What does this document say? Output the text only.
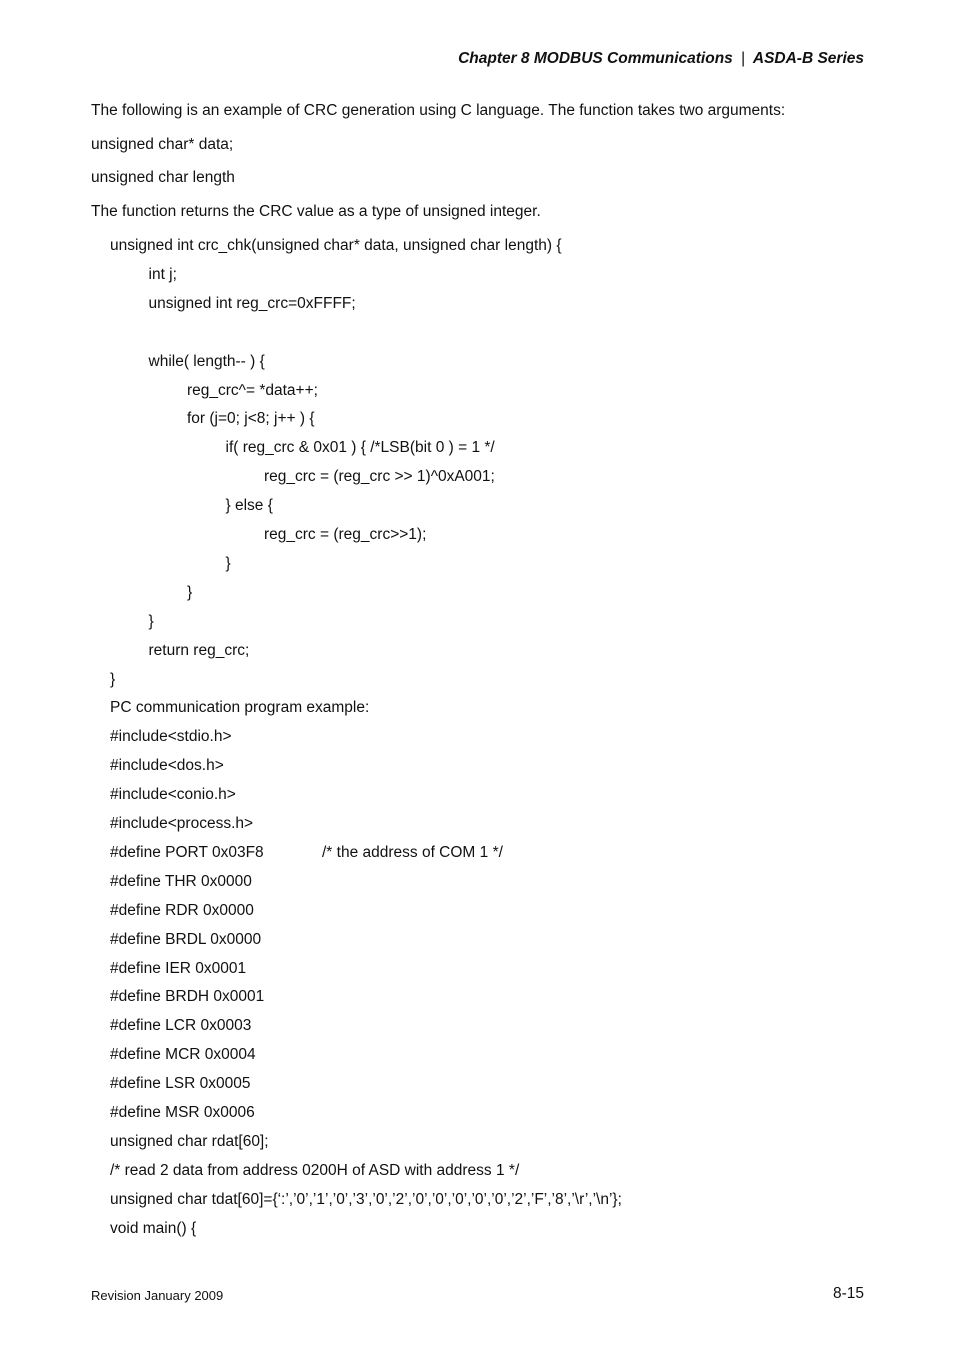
Chapter 8 MODBUS Communications | ASDA-B Series
The following is an example of CRC generation using C language. The function takes two arguments:
unsigned char* data;
unsigned char length
The function returns the CRC value as a type of unsigned integer.
unsigned int crc_chk(unsigned char* data, unsigned char length) {
int j;
unsigned int reg_crc=0xFFFF;
while( length-- ) {
reg_crc^= *data++;
for (j=0; j<8; j++ ) {
if( reg_crc & 0x01 ) { /*LSB(bit 0 ) = 1 */
reg_crc = (reg_crc >> 1)^0xA001;
} else {
reg_crc = (reg_crc>>1);
}
}
}
return reg_crc;
}
PC communication program example:
#include<stdio.h>
#include<dos.h>
#include<conio.h>
#include<process.h>
#define PORT 0x03F8	/* the address of COM 1 */
#define THR 0x0000
#define RDR 0x0000
#define BRDL 0x0000
#define IER 0x0001
#define BRDH 0x0001
#define LCR 0x0003
#define MCR 0x0004
#define LSR 0x0005
#define MSR 0x0006
unsigned char rdat[60];
/* read 2 data from address 0200H of ASD with address 1 */
unsigned char tdat[60]={‘:’,’0’,’1’,’0’,’3’,’0’,’2’,’0’,’0’,’0’,’0’,’0’,’2’,’F’,’8’,’\r’,’\n’};
void main() {
Revision January 2009	8-15
